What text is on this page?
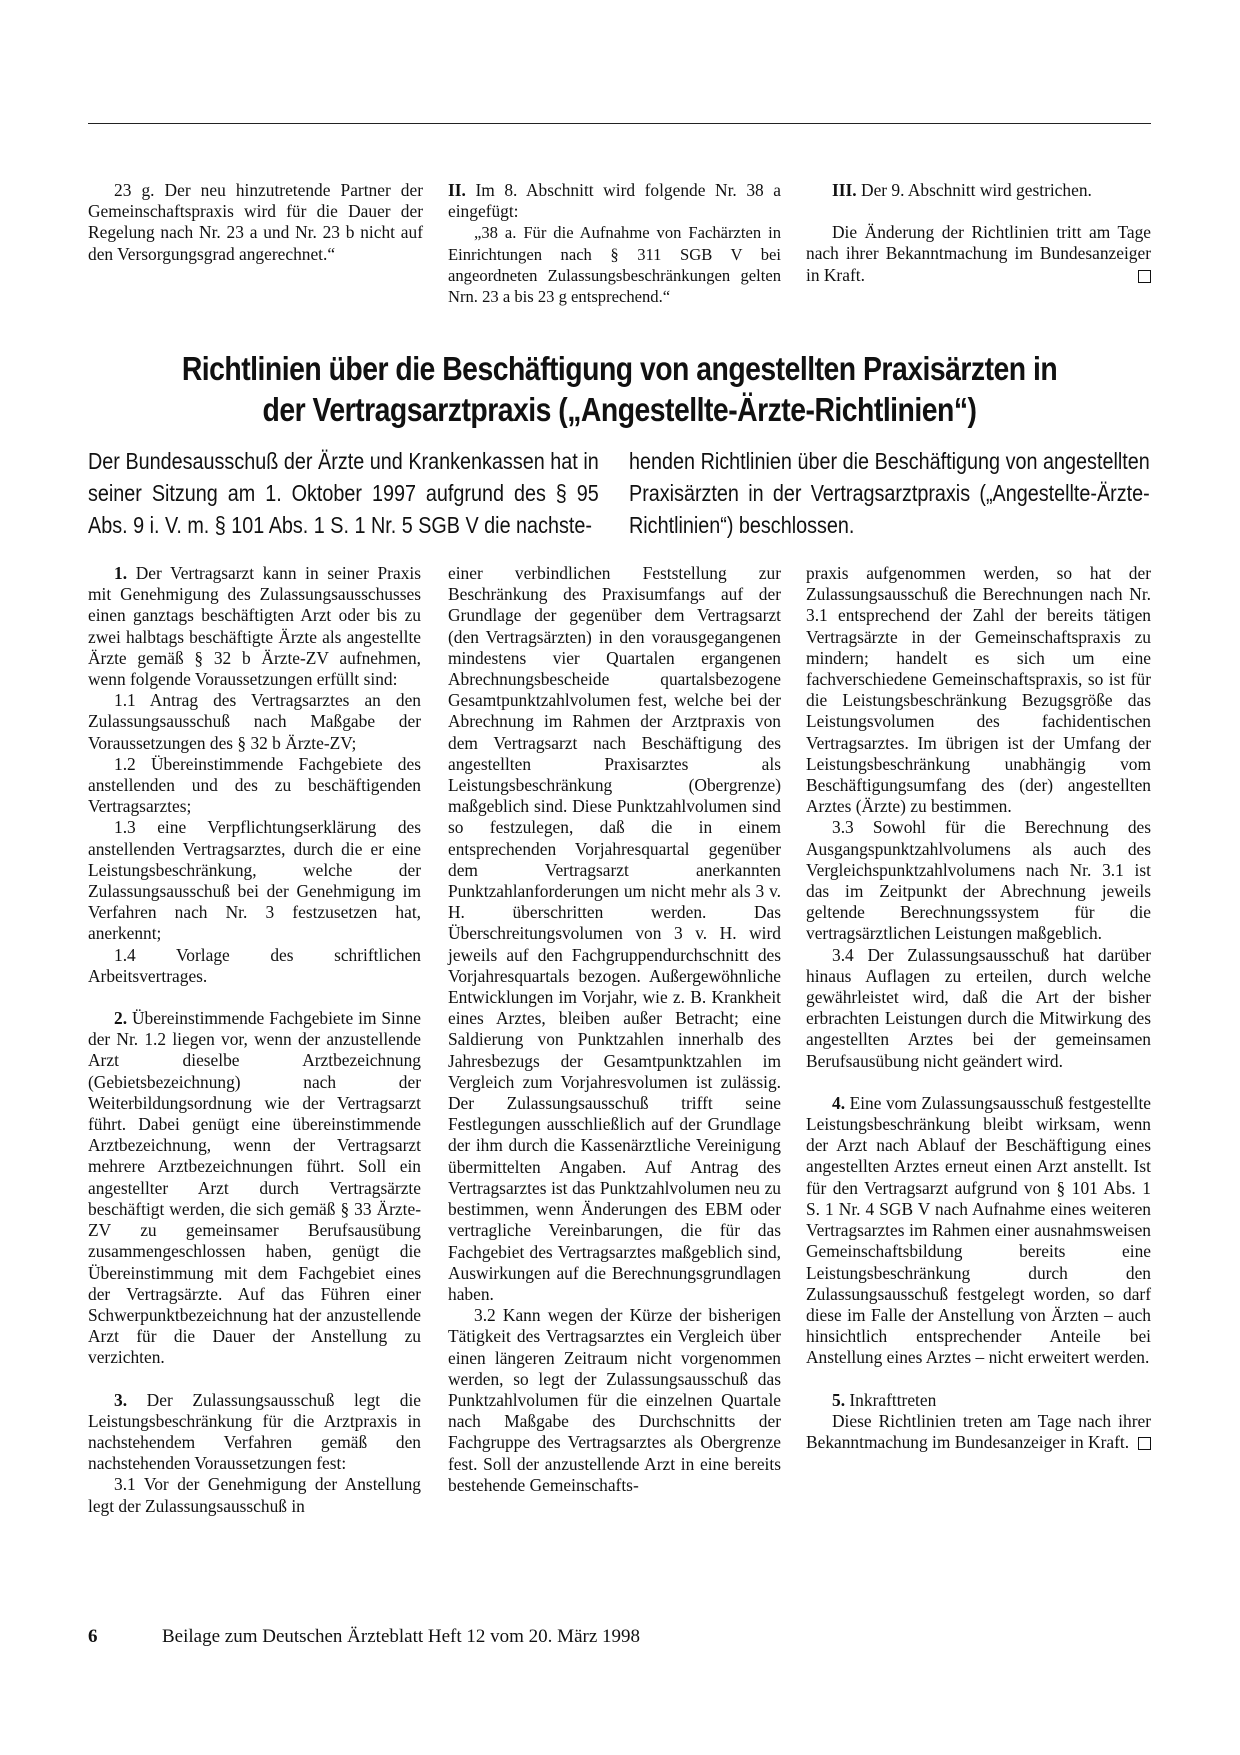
23 g. Der neu hinzutretende Partner der Gemeinschaftspraxis wird für die Dauer der Regelung nach Nr. 23 a und Nr. 23 b nicht auf den Versorgungsgrad angerechnet.“

II. Im 8. Abschnitt wird folgende Nr. 38 a eingefügt:

„38 a. Für die Aufnahme von Fachärzten in Einrichtungen nach § 311 SGB V bei angeordneten Zulassungsbeschränkungen gelten Nrn. 23 a bis 23 g entsprechend.“

III. Der 9. Abschnitt wird gestrichen.

Die Änderung der Richtlinien tritt am Tage nach ihrer Bekanntmachung im Bundesanzeiger in Kraft.

Richtlinien über die Beschäftigung von angestellten Praxisärzten in der Vertragsarztpraxis („Angestellte-Ärzte-Richtlinien“)
Der Bundesausschuß der Ärzte und Krankenkassen hat in seiner Sitzung am 1. Oktober 1997 aufgrund des § 95 Abs. 9 i. V. m. § 101 Abs. 1 S. 1 Nr. 5 SGB V die nachste-
henden Richtlinien über die Beschäftigung von angestellten Praxisärzten in der Vertragsarztpraxis („Angestellte-Ärzte-Richtlinien“) beschlossen.

1. Der Vertragsarzt kann in seiner Praxis mit Genehmigung des Zulassungsausschusses einen ganztags beschäftigten Arzt oder bis zu zwei halbtags beschäftigte Ärzte als angestellte Ärzte gemäß § 32 b Ärzte-ZV aufnehmen, wenn folgende Voraussetzungen erfüllt sind:

1.1 Antrag des Vertragsarztes an den Zulassungsausschuß nach Maßgabe der Voraussetzungen des § 32 b Ärzte-ZV;

1.2 Übereinstimmende Fachgebiete des anstellenden und des zu beschäftigenden Vertragsarztes;

1.3 eine Verpflichtungserklärung des anstellenden Vertragsarztes, durch die er eine Leistungsbeschränkung, welche der Zulassungsausschuß bei der Genehmigung im Verfahren nach Nr. 3 festzusetzen hat, anerkennt;

1.4 Vorlage des schriftlichen Arbeitsvertrages.

2. Übereinstimmende Fachgebiete im Sinne der Nr. 1.2 liegen vor, wenn der anzustellende Arzt dieselbe Arztbezeichnung (Gebietsbezeichnung) nach der Weiterbildungsordnung wie der Vertragsarzt führt. Dabei genügt eine übereinstimmende Arztbezeichnung, wenn der Vertragsarzt mehrere Arztbezeichnungen führt. Soll ein angestellter Arzt durch Vertragsärzte beschäftigt werden, die sich gemäß § 33 Ärzte-ZV zu gemeinsamer Berufsausübung zusammengeschlossen haben, genügt die Übereinstimmung mit dem Fachgebiet eines der Vertragsärzte. Auf das Führen einer Schwerpunktbezeichnung hat der anzustellende Arzt für die Dauer der Anstellung zu verzichten.

3. Der Zulassungsausschuß legt die Leistungsbeschränkung für die Arztpraxis in nachstehendem Verfahren gemäß den nachstehenden Voraussetzungen fest:

3.1 Vor der Genehmigung der Anstellung legt der Zulassungsausschuß in

einer verbindlichen Feststellung zur Beschränkung des Praxisumfangs auf der Grundlage der gegenüber dem Vertragsarzt (den Vertragsärzten) in den vorausgegangenen mindestens vier Quartalen ergangenen Abrechnungsbescheide quartalsbezogene Gesamtpunktzahlvolumen fest, welche bei der Abrechnung im Rahmen der Arztpraxis von dem Vertragsarzt nach Beschäftigung des angestellten Praxisarztes als Leistungsbeschränkung (Obergrenze) maßgeblich sind. Diese Punktzahlvolumen sind so festzulegen, daß die in einem entsprechenden Vorjahresquartal gegenüber dem Vertragsarzt anerkannten Punktzahlanforderungen um nicht mehr als 3 v. H. überschritten werden. Das Überschreitungsvolumen von 3 v. H. wird jeweils auf den Fachgruppendurchschnitt des Vorjahresquartals bezogen. Außergewöhnliche Entwicklungen im Vorjahr, wie z. B. Krankheit eines Arztes, bleiben außer Betracht; eine Saldierung von Punktzahlen innerhalb des Jahresbezugs der Gesamtpunktzahlen im Vergleich zum Vorjahresvolumen ist zulässig. Der Zulassungsausschuß trifft seine Festlegungen ausschließlich auf der Grundlage der ihm durch die Kassenärztliche Vereinigung übermittelten Angaben. Auf Antrag des Vertragsarztes ist das Punktzahlvolumen neu zu bestimmen, wenn Änderungen des EBM oder vertragliche Vereinbarungen, die für das Fachgebiet des Vertragsarztes maßgeblich sind, Auswirkungen auf die Berechnungsgrundlagen haben.

3.2 Kann wegen der Kürze der bisherigen Tätigkeit des Vertragsarztes ein Vergleich über einen längeren Zeitraum nicht vorgenommen werden, so legt der Zulassungsausschuß das Punktzahlvolumen für die einzelnen Quartale nach Maßgabe des Durchschnitts der Fachgruppe des Vertragsarztes als Obergrenze fest. Soll der anzustellende Arzt in eine bereits bestehende Gemeinschafts-

praxis aufgenommen werden, so hat der Zulassungsausschuß die Berechnungen nach Nr. 3.1 entsprechend der Zahl der bereits tätigen Vertragsärzte in der Gemeinschaftspraxis zu mindern; handelt es sich um eine fachverschiedene Gemeinschaftspraxis, so ist für die Leistungsbeschränkung Bezugsgröße das Leistungsvolumen des fachidentischen Vertragsarztes. Im übrigen ist der Umfang der Leistungsbeschränkung unabhängig vom Beschäftigungsumfang des (der) angestellten Arztes (Ärzte) zu bestimmen.

3.3 Sowohl für die Berechnung des Ausgangspunktzahlvolumens als auch des Vergleichspunktzahlvolumens nach Nr. 3.1 ist das im Zeitpunkt der Abrechnung jeweils geltende Berechnungssystem für die vertragsärztlichen Leistungen maßgeblich.

3.4 Der Zulassungsausschuß hat darüber hinaus Auflagen zu erteilen, durch welche gewährleistet wird, daß die Art der bisher erbrachten Leistungen durch die Mitwirkung des angestellten Arztes bei der gemeinsamen Berufsausübung nicht geändert wird.

4. Eine vom Zulassungsausschuß festgestellte Leistungsbeschränkung bleibt wirksam, wenn der Arzt nach Ablauf der Beschäftigung eines angestellten Arztes erneut einen Arzt anstellt. Ist für den Vertragsarzt aufgrund von § 101 Abs. 1 S. 1 Nr. 4 SGB V nach Aufnahme eines weiteren Vertragsarztes im Rahmen einer ausnahmsweisen Gemeinschaftsbildung bereits eine Leistungsbeschränkung durch den Zulassungsausschuß festgelegt worden, so darf diese im Falle der Anstellung von Ärzten – auch hinsichtlich entsprechender Anteile bei Anstellung eines Arztes – nicht erweitert werden.

5. Inkrafttreten

Diese Richtlinien treten am Tage nach ihrer Bekanntmachung im Bundesanzeiger in Kraft.

6	Beilage zum Deutschen Ärzteblatt Heft 12 vom 20. März 1998
